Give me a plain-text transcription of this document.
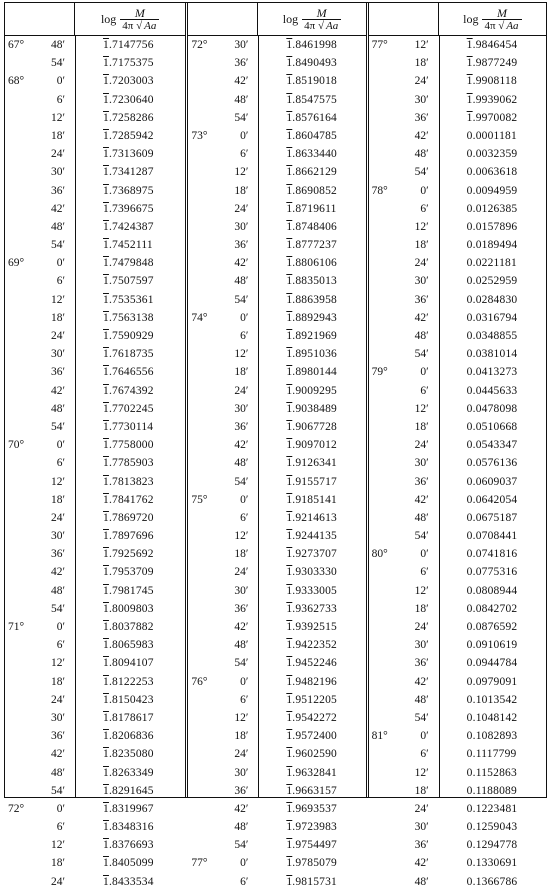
$\log \frac{M}{4\pi √ Aa}$
67°	48′	1.7147756
54′	1.7175375
68°	0′	1.7203003
6′	1.7230640
12′	1.7258286
18′	1.7285942
24′	1.7313609
30′	1.7341287
36′	1.7368975
42′	1.7396675
48′	1.7424387
54′	1.7452111
69°	0′	1.7479848
6′	1.7507597
12′	1.7535361
18′	1.7563138
24′	1.7590929
30′	1.7618735
36′	1.7646556
42′	1.7674392
48′	1.7702245
54′	1.7730114
70°	0′	1.7758000
6′	1.7785903
12′	1.7813823
18′	1.7841762
24′	1.7869720
30′	1.7897696
36′	1.7925692
42′	1.7953709
48′	1.7981745
54′	1.8009803
71°	0′	1.8037882
6′	1.8065983
12′	1.8094107
18′	1.8122253
24′	1.8150423
30′	1.8178617
36′	1.8206836
42′	1.8235080
48′	1.8263349
54′	1.8291645
72°	0′	1.8319967
6′	1.8348316
12′	1.8376693
18′	1.8405099
24′	1.8433534
$\log \frac{M}{4\pi √ Aa}$
72°	30′	1.8461998
36′	1.8490493
42′	1.8519018
48′	1.8547575
54′	1.8576164
73°	0′	1.8604785
6′	1.8633440
12′	1.8662129
18′	1.8690852
24′	1.8719611
30′	1.8748406
36′	1.8777237
42′	1.8806106
48′	1.8835013
54′	1.8863958
74°	0′	1.8892943
6′	1.8921969
12′	1.8951036
18′	1.8980144
24′	1.9009295
30′	1.9038489
36′	1.9067728
42′	1.9097012
48′	1.9126341
54′	1.9155717
75°	0′	1.9185141
6′	1.9214613
12′	1.9244135
18′	1.9273707
24′	1.9303330
30′	1.9333005
36′	1.9362733
42′	1.9392515
48′	1.9422352
54′	1.9452246
76°	0′	1.9482196
6′	1.9512205
12′	1.9542272
18′	1.9572400
24′	1.9602590
30′	1.9632841
36′	1.9663157
42′	1.9693537
48′	1.9723983
54′	1.9754497
77°	0′	1.9785079
6′	1.9815731
$\log \frac{M}{4\pi √ Aa}$
77°	12′	1.9846454
18′	1.9877249
24′	1.9908118
30′	1.9939062
36′	1.9970082
42′	0.0001181
48′	0.0032359
54′	0.0063618
78°	0′	0.0094959
6′	0.0126385
12′	0.0157896
18′	0.0189494
24′	0.0221181
30′	0.0252959
36′	0.0284830
42′	0.0316794
48′	0.0348855
54′	0.0381014
79°	0′	0.0413273
6′	0.0445633
12′	0.0478098
18′	0.0510668
24′	0.0543347
30′	0.0576136
36′	0.0609037
42′	0.0642054
48′	0.0675187
54′	0.0708441
80°	0′	0.0741816
6′	0.0775316
12′	0.0808944
18′	0.0842702
24′	0.0876592
30′	0.0910619
36′	0.0944784
42′	0.0979091
48′	0.1013542
54′	0.1048142
81°	0′	0.1082893
6′	0.1117799
12′	0.1152863
18′	0.1188089
24′	0.1223481
30′	0.1259043
36′	0.1294778
42′	0.1330691
48′	0.1366786
